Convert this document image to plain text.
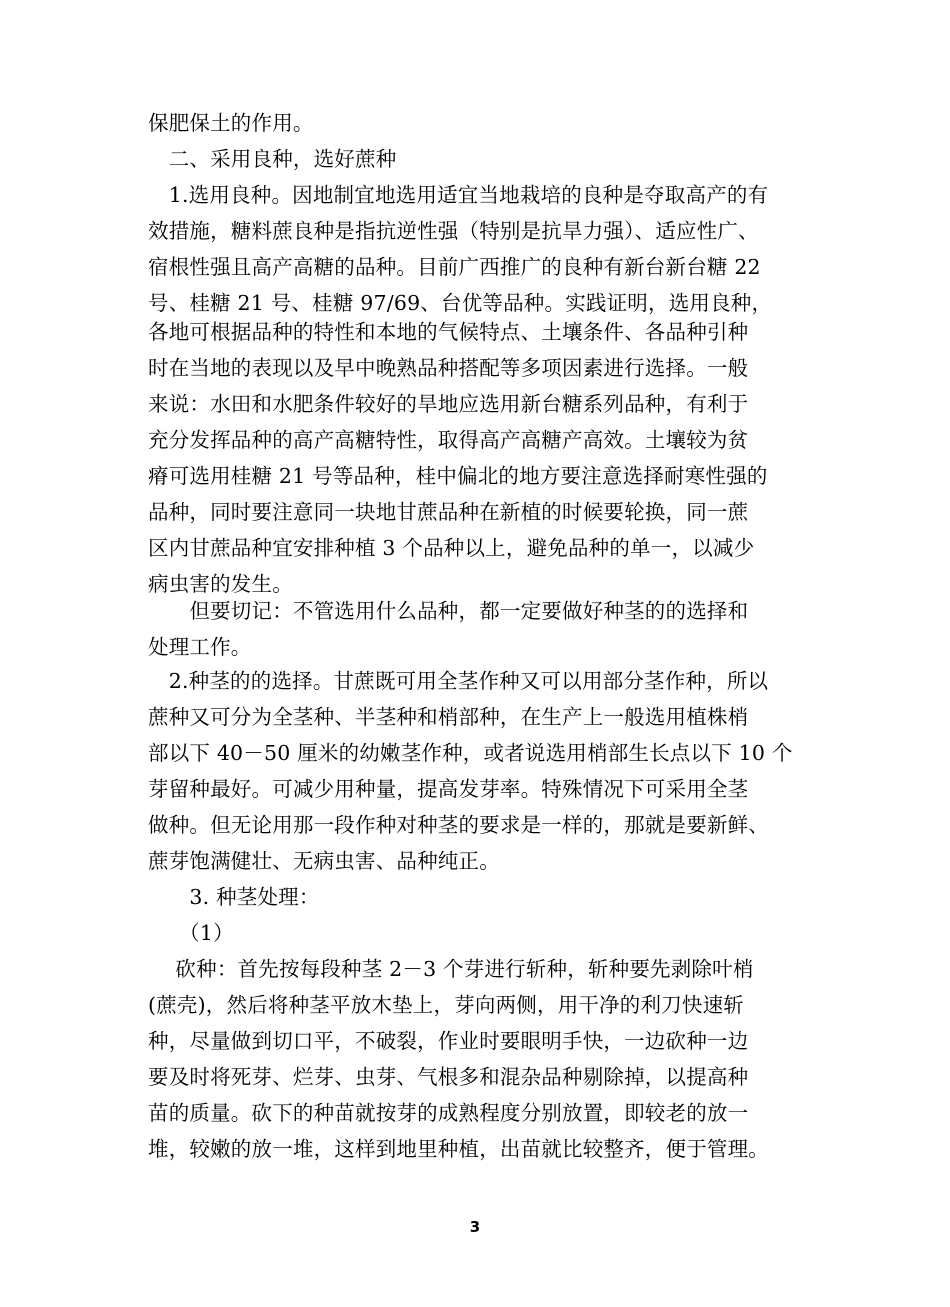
保肥保土的作用。
　二、采用良种，选好蔗种
　1.选用良种。因地制宜地选用适宜当地栽培的良种是夺取高产的有
效措施，糖料蔗良种是指抗逆性强（特别是抗旱力强）、适应性广、
宿根性强且高产高糖的品种。目前广西推广的良种有新台新台糖 22
号、桂糖 21 号、桂糖 97/69、台优等品种。实践证明，选用良种，
各地可根据品种的特性和本地的气候特点、土壤条件、各品种引种
时在当地的表现以及早中晚熟品种搭配等多项因素进行选择。一般
来说：水田和水肥条件较好的旱地应选用新台糖系列品种，有利于
充分发挥品种的高产高糖特性，取得高产高糖产高效。土壤较为贫
瘠可选用桂糖 21 号等品种，桂中偏北的地方要注意选择耐寒性强的
品种，同时要注意同一块地甘蔗品种在新植的时候要轮换，同一蔗
区内甘蔗品种宜安排种植 3 个品种以上，避免品种的单一，以减少
病虫害的发生。
　　但要切记：不管选用什么品种，都一定要做好种茎的的选择和
处理工作。
　2.种茎的的选择。甘蔗既可用全茎作种又可以用部分茎作种，所以
蔗种又可分为全茎种、半茎种和梢部种，在生产上一般选用植株梢
部以下 40－50 厘米的幼嫩茎作种，或者说选用梢部生长点以下 10 个
芽留种最好。可减少用种量，提高发芽率。特殊情况下可采用全茎
做种。但无论用那一段作种对种茎的要求是一样的，那就是要新鲜、
蔗芽饱满健壮、无病虫害、品种纯正。
　　3. 种茎处理：
　　（1）
　 砍种：首先按每段种茎 2－3 个芽进行斩种，斩种要先剥除叶梢
(蔗壳)，然后将种茎平放木垫上，芽向两侧，用干净的利刀快速斩
种，尽量做到切口平，不破裂，作业时要眼明手快，一边砍种一边
要及时将死芽、烂芽、虫芽、气根多和混杂品种剔除掉，以提高种
苗的质量。砍下的种苗就按芽的成熟程度分别放置，即较老的放一
堆，较嫩的放一堆，这样到地里种植，出苗就比较整齐，便于管理。
3
